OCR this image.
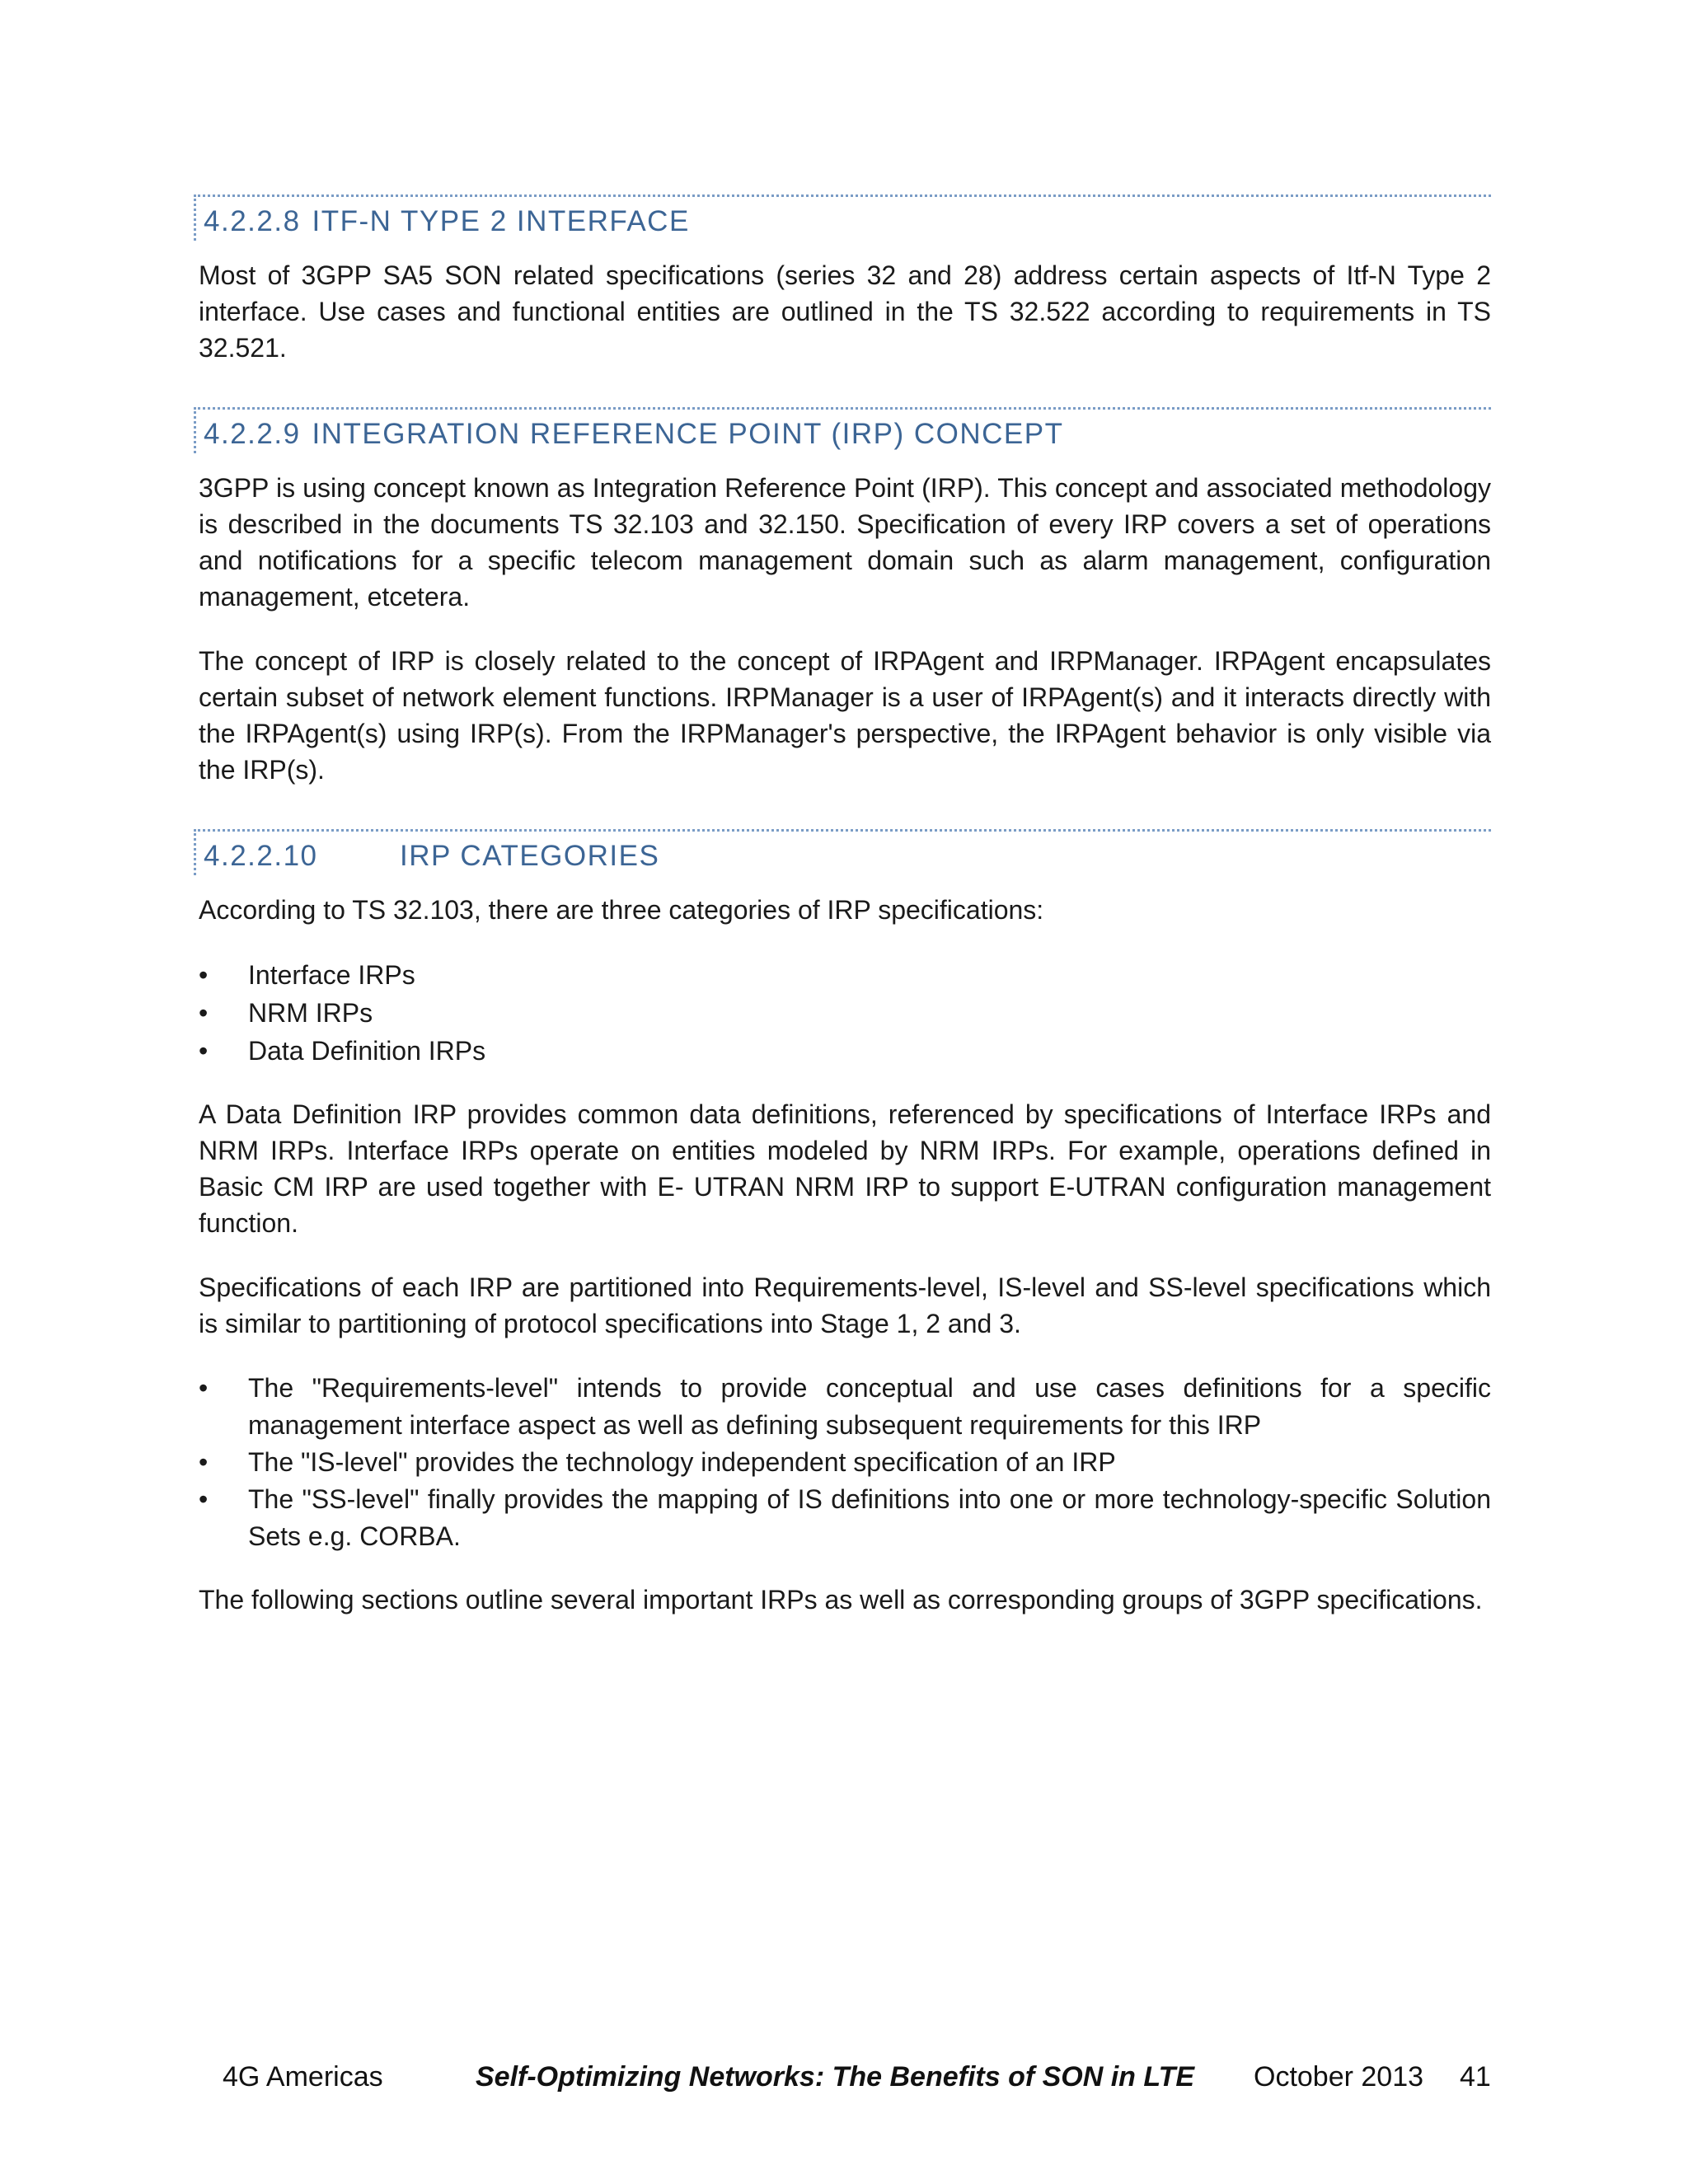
4.2.2.8 ITF-N TYPE 2 INTERFACE

Most of 3GPP SA5 SON related specifications (series 32 and 28) address certain aspects of Itf-N Type 2 interface. Use cases and functional entities are outlined in the TS 32.522 according to requirements in TS 32.521.

4.2.2.9 INTEGRATION REFERENCE POINT (IRP) CONCEPT

3GPP is using concept known as Integration Reference Point (IRP). This concept and associated methodology is described in the documents TS 32.103 and 32.150. Specification of every IRP covers a set of operations and notifications for a specific telecom management domain such as alarm management, configuration management, etcetera.

The concept of IRP is closely related to the concept of IRPAgent and IRPManager. IRPAgent encapsulates certain subset of network element functions. IRPManager is a user of IRPAgent(s) and it interacts directly with the IRPAgent(s) using IRP(s). From the IRPManager's perspective, the IRPAgent behavior is only visible via the IRP(s).

4.2.2.10	IRP CATEGORIES

According to TS 32.103, there are three categories of IRP specifications:

• Interface IRPs
• NRM IRPs
• Data Definition IRPs

A Data Definition IRP provides common data definitions, referenced by specifications of Interface IRPs and NRM IRPs. Interface IRPs operate on entities modeled by NRM IRPs. For example, operations defined in Basic CM IRP are used together with E- UTRAN NRM IRP to support E-UTRAN configuration management function.

Specifications of each IRP are partitioned into Requirements-level, IS-level and SS-level specifications which is similar to partitioning of protocol specifications into Stage 1, 2 and 3.

• The "Requirements-level" intends to provide conceptual and use cases definitions for a specific management interface aspect as well as defining subsequent requirements for this IRP
• The "IS-level" provides the technology independent specification of an IRP
• The "SS-level" finally provides the mapping of IS definitions into one or more technology-specific Solution Sets e.g. CORBA.

The following sections outline several important IRPs as well as corresponding groups of 3GPP specifications.

4G Americas	Self-Optimizing Networks: The Benefits of SON in LTE October 2013 41
